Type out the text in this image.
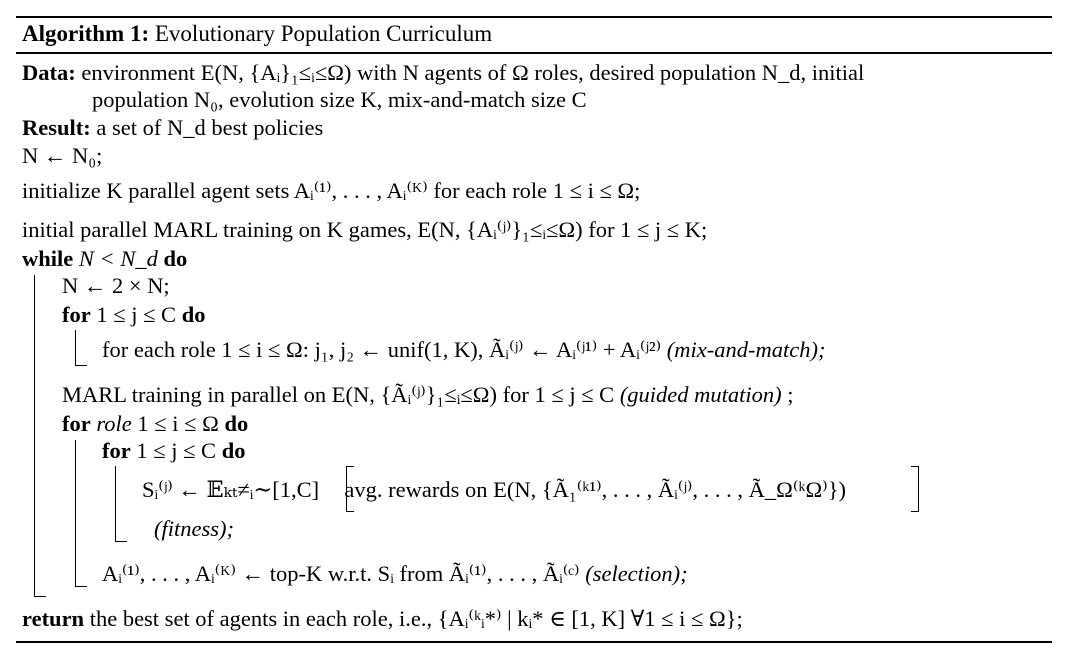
Algorithm 1: Evolutionary Population Curriculum
Data: environment E(N, {Aᵢ}₁≤ᵢ≤Ω) with N agents of Ω roles, desired population N_d, initial
population N₀, evolution size K, mix-and-match size C
Result: a set of N_d best policies
N ← N₀;
initialize K parallel agent sets Aᵢ⁽¹⁾, . . . , Aᵢ⁽ᴷ⁾ for each role 1 ≤ i ≤ Ω;
initial parallel MARL training on K games, E(N, {Aᵢ⁽ʲ⁾}₁≤ᵢ≤Ω) for 1 ≤ j ≤ K;
while N < N_d do
N ← 2 × N;
for 1 ≤ j ≤ C do
for each role 1 ≤ i ≤ Ω: j₁, j₂ ← unif(1, K), Ãᵢ⁽ʲ⁾ ← Aᵢ⁽ʲ¹⁾ + Aᵢ⁽ʲ²⁾ (mix-and-match);
MARL training in parallel on E(N, {Ãᵢ⁽ʲ⁾}₁≤ᵢ≤Ω) for 1 ≤ j ≤ C (guided mutation) ;
for role 1 ≤ i ≤ Ω do
for 1 ≤ j ≤ C do
Sᵢ⁽ʲ⁾ ← 𝔼ₖₜ≠ᵢ∼[1,C] avg. rewards on E(N, {Ã₁⁽ᵏ¹⁾, . . . , Ãᵢ⁽ʲ⁾, . . . , Ã_Ω⁽ᵏΩ⁾})
(fitness);
Aᵢ⁽¹⁾, . . . , Aᵢ⁽ᴷ⁾ ← top-K w.r.t. Sᵢ from Ãᵢ⁽¹⁾, . . . , Ãᵢ⁽ᶜ⁾ (selection);
return the best set of agents in each role, i.e., {Aᵢ⁽ᵏᵢ*⁾ | kᵢ* ∈ [1, K] ∀1 ≤ i ≤ Ω};
